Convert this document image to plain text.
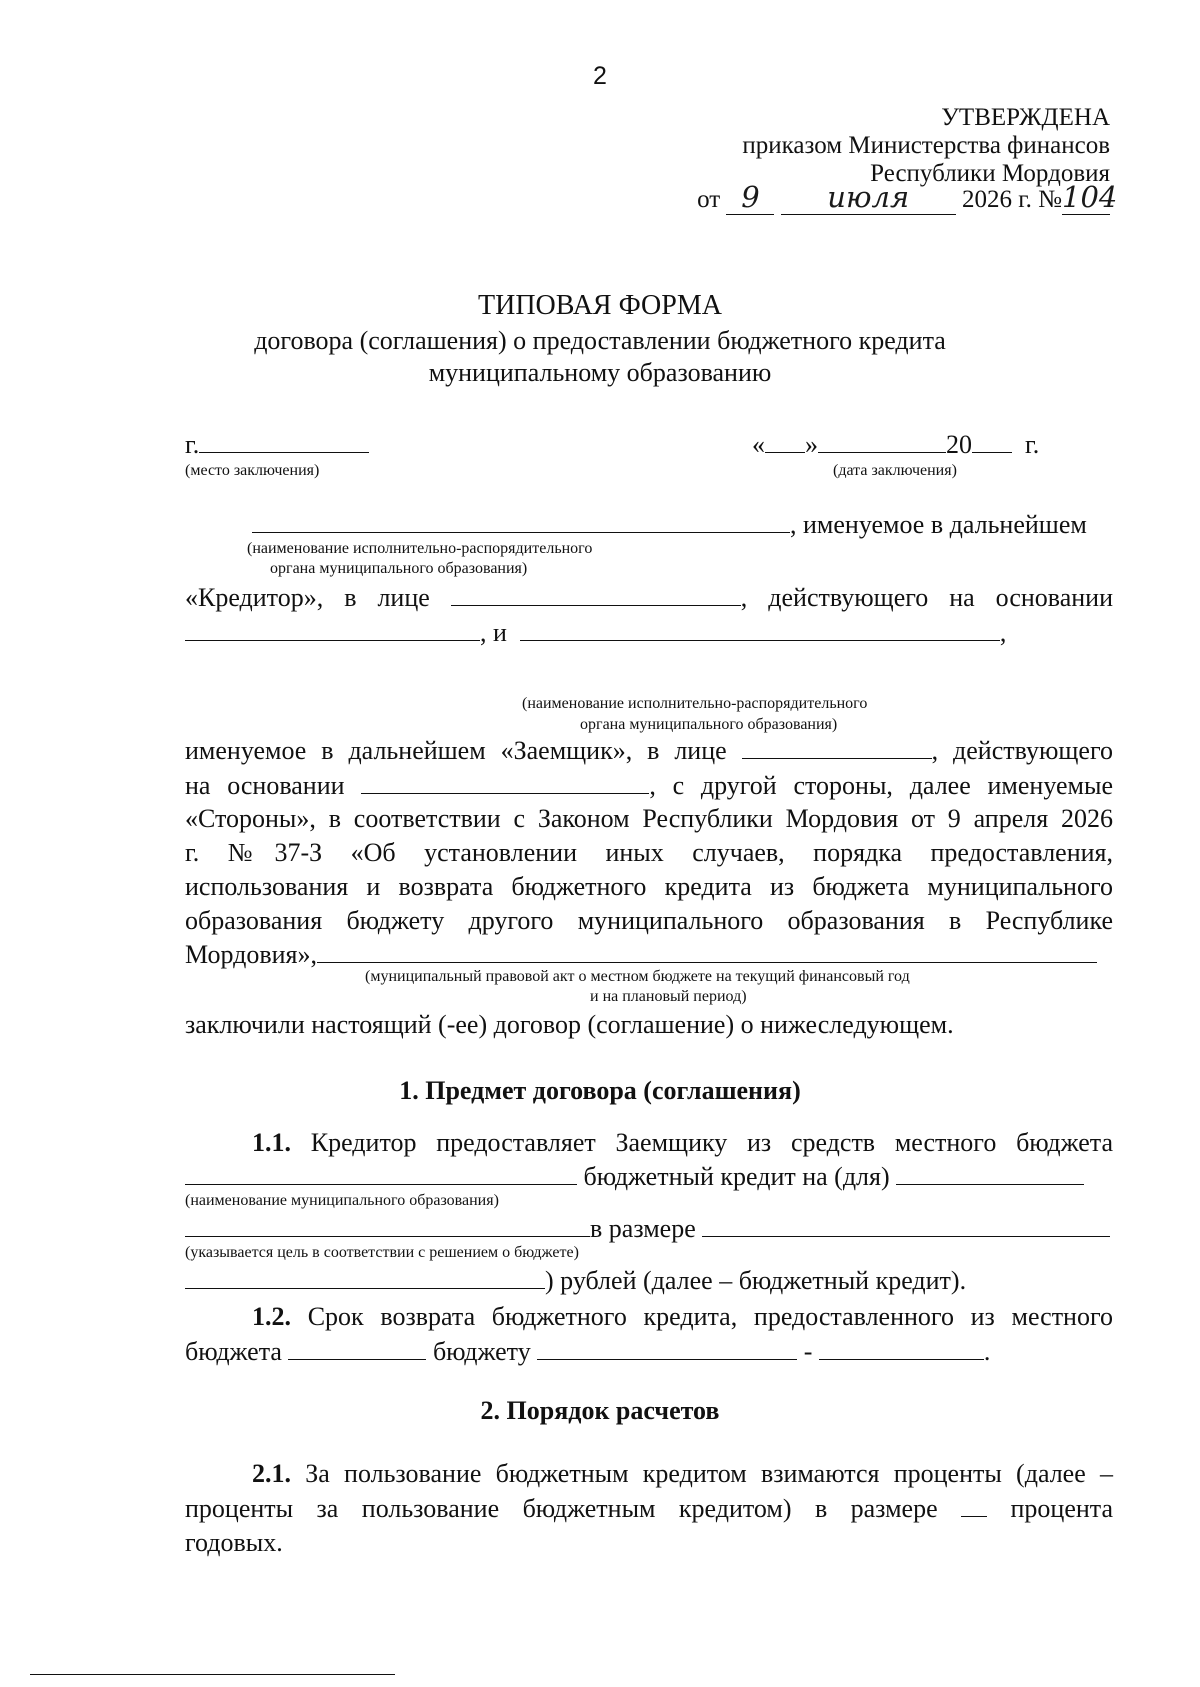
2
УТВЕРЖДЕНА
приказом Министерства финансов
Республики Мордовия
от 9 июля 2026 г. №104
ТИПОВАЯ ФОРМА
договора (соглашения) о предоставлении бюджетного кредита
муниципальному образованию
г.
(место заключения)
« »	20 г.
(дата заключения)
, именуемое в дальнейшем
(наименование исполнительно-распорядительного
органа муниципального образования)
«Кредитор», в лице	, действующего на основании
, и	,
(наименование исполнительно-распорядительного
органа муниципального образования)
именуемое в дальнейшем «Заемщик», в лице	, действующего
на основании	, с другой стороны, далее именуемые
«Стороны», в соответствии с Законом Республики Мордовия от 9 апреля 2026
г. №37-З «Об установлении иных случаев, порядка предоставления,
использования и возврата бюджетного кредита из бюджета муниципального
образования бюджету другого муниципального образования в Республике
Мордовия»,
(муниципальный правовой акт о местном бюджете на текущий финансовый год
и на плановый период)
заключили настоящий (-ее) договор (соглашение) о нижеследующем.
1. Предмет договора (соглашения)
1.1. Кредитор предоставляет Заемщику из средств местного бюджета
бюджетный кредит на (для)
(наименование муниципального образования)
в размере
(указывается цель в соответствии с решением о бюджете)
) рублей (далее – бюджетный кредит).
1.2. Срок возврата бюджетного кредита, предоставленного из местного
бюджета	бюджету	-	.
2. Порядок расчетов
2.1. За пользование бюджетным кредитом взимаются проценты (далее –
проценты за пользование бюджетным кредитом) в размере	процента
годовых.
